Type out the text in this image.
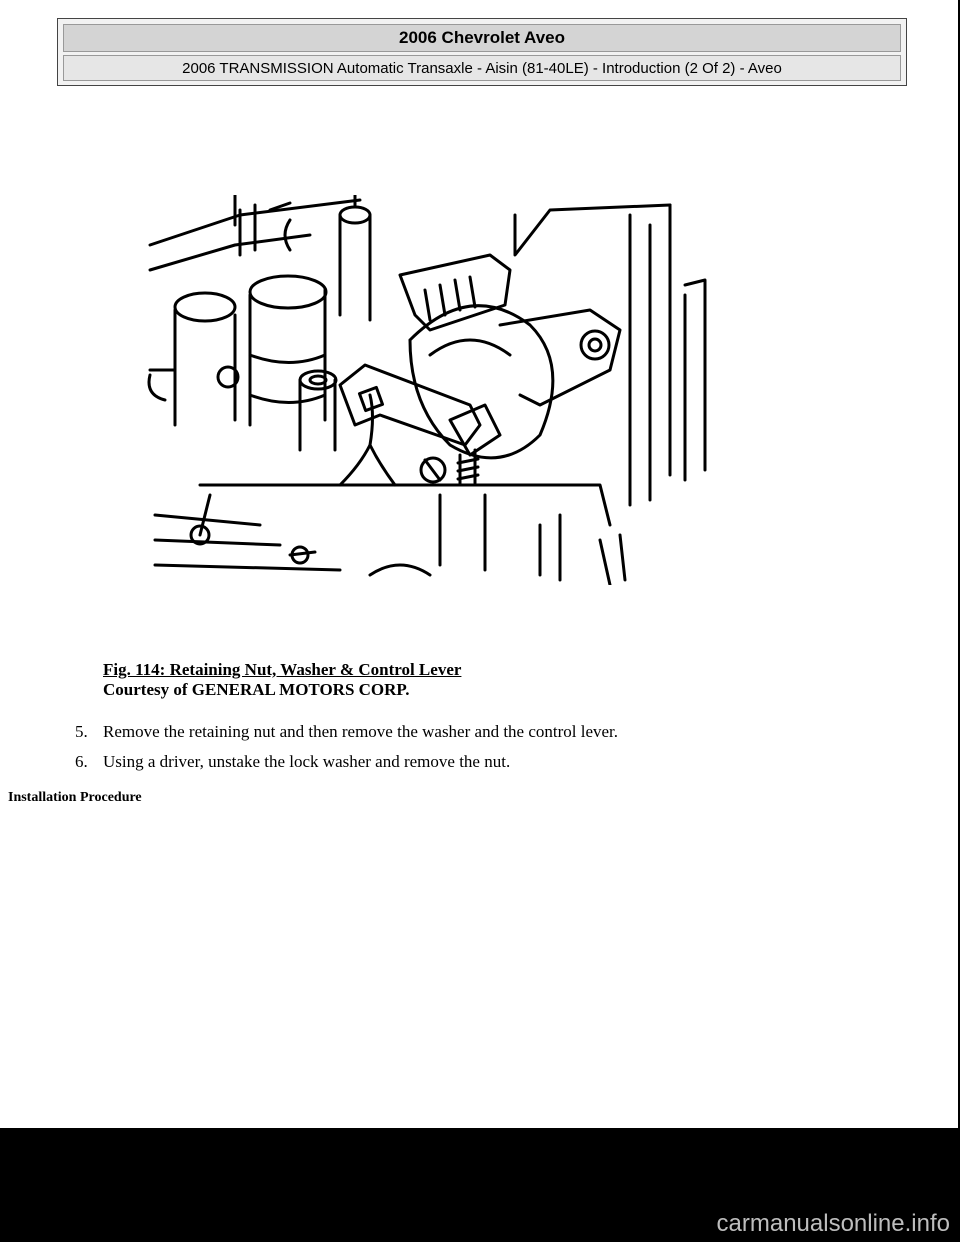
2006 Chevrolet Aveo
2006 TRANSMISSION Automatic Transaxle - Aisin (81-40LE) - Introduction (2 Of 2) - Aveo
Fig. 114: Retaining Nut, Washer & Control Lever
Courtesy of GENERAL MOTORS CORP.
5. Remove the retaining nut and then remove the washer and the control lever.
6. Using a driver, unstake the lock washer and remove the nut.
Installation Procedure
carmanualsonline.info
